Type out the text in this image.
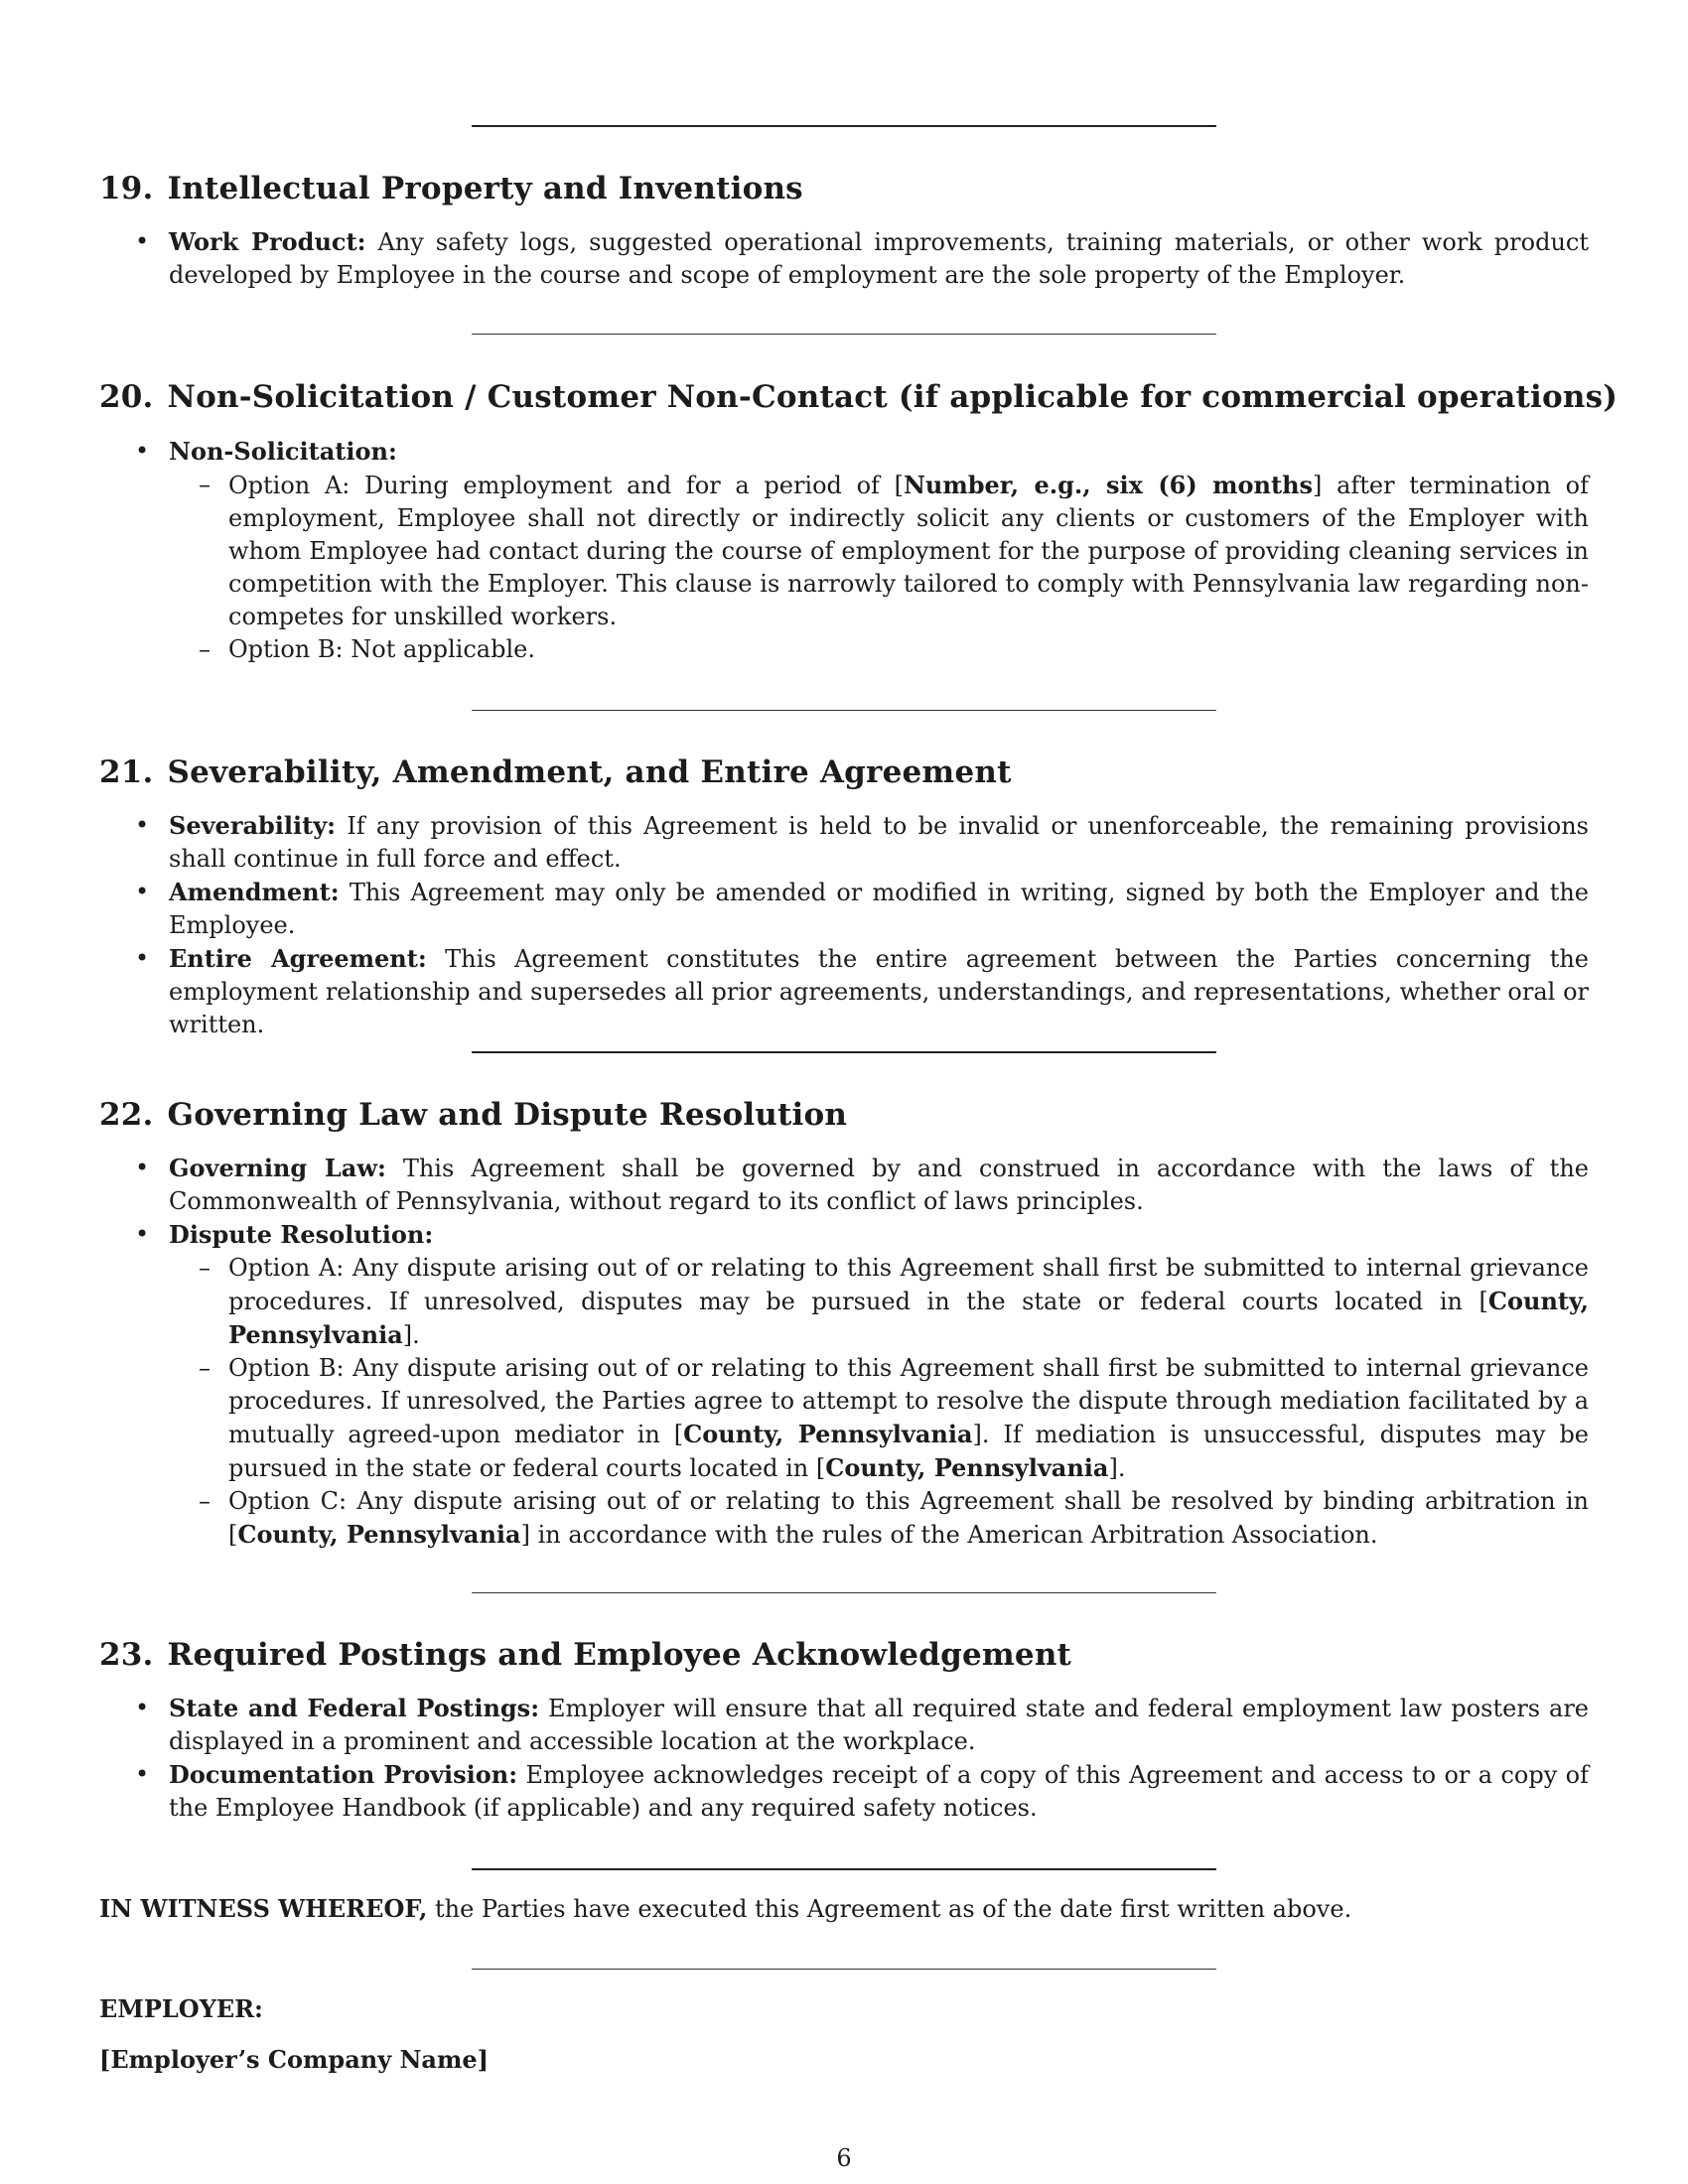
19. Intellectual Property and Inventions
• Work Product: Any safety logs, suggested operational improvements, training materials, or other work product developed by Employee in the course and scope of employment are the sole property of the Employer.
20. Non-Solicitation / Customer Non-Contact (if applicable for commercial operations)
• Non-Solicitation:
– Option A: During employment and for a period of [Number, e.g., six (6) months] after termination of employment, Employee shall not directly or indirectly solicit any clients or customers of the Employer with whom Employee had contact during the course of employment for the purpose of providing cleaning services in competition with the Employer. This clause is narrowly tailored to comply with Pennsylvania law regarding non-competes for unskilled workers.
– Option B: Not applicable.
21. Severability, Amendment, and Entire Agreement
• Severability: If any provision of this Agreement is held to be invalid or unenforceable, the remaining provisions shall continue in full force and effect.
• Amendment: This Agreement may only be amended or modified in writing, signed by both the Employer and the Employee.
• Entire Agreement: This Agreement constitutes the entire agreement between the Parties concerning the employment relationship and supersedes all prior agreements, understandings, and representations, whether oral or written.
22. Governing Law and Dispute Resolution
• Governing Law: This Agreement shall be governed by and construed in accordance with the laws of the Commonwealth of Pennsylvania, without regard to its conflict of laws principles.
• Dispute Resolution:
– Option A: Any dispute arising out of or relating to this Agreement shall first be submitted to internal grievance procedures. If unresolved, disputes may be pursued in the state or federal courts located in [County, Pennsylvania].
– Option B: Any dispute arising out of or relating to this Agreement shall first be submitted to internal grievance procedures. If unresolved, the Parties agree to attempt to resolve the dispute through mediation facilitated by a mutually agreed-upon mediator in [County, Pennsylvania]. If mediation is unsuccessful, disputes may be pursued in the state or federal courts located in [County, Pennsylvania].
– Option C: Any dispute arising out of or relating to this Agreement shall be resolved by binding arbitration in [County, Pennsylvania] in accordance with the rules of the American Arbitration Association.
23. Required Postings and Employee Acknowledgement
• State and Federal Postings: Employer will ensure that all required state and federal employment law posters are displayed in a prominent and accessible location at the workplace.
• Documentation Provision: Employee acknowledges receipt of a copy of this Agreement and access to or a copy of the Employee Handbook (if applicable) and any required safety notices.
IN WITNESS WHEREOF, the Parties have executed this Agreement as of the date first written above.
EMPLOYER:
[Employer’s Company Name]
6
